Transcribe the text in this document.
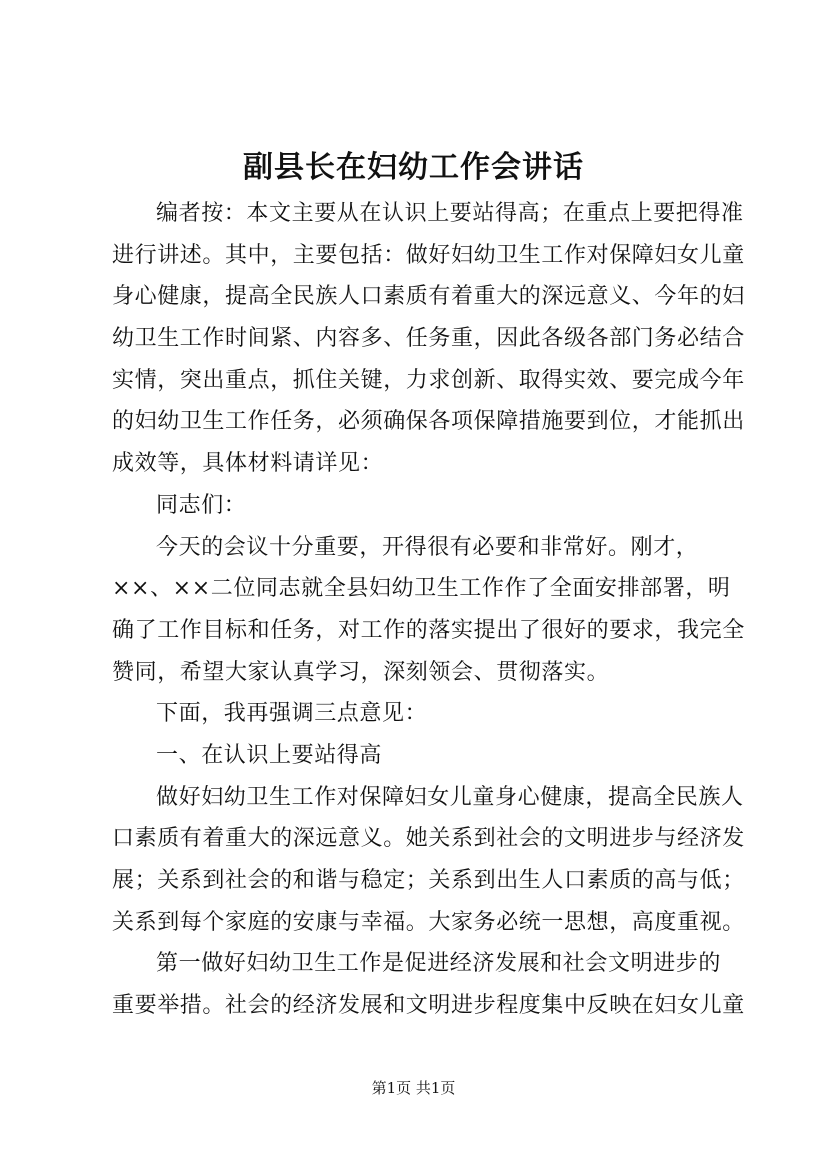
副县长在妇幼工作会讲话
编者按：本文主要从在认识上要站得高；在重点上要把得准
进行讲述。其中，主要包括：做好妇幼卫生工作对保障妇女儿童
身心健康，提高全民族人口素质有着重大的深远意义、今年的妇
幼卫生工作时间紧、内容多、任务重，因此各级各部门务必结合
实情，突出重点，抓住关键，力求创新、取得实效、要完成今年
的妇幼卫生工作任务，必须确保各项保障措施要到位，才能抓出
成效等，具体材料请详见：
同志们：
今天的会议十分重要，开得很有必要和非常好。刚才，
××、××二位同志就全县妇幼卫生工作作了全面安排部署，明
确了工作目标和任务，对工作的落实提出了很好的要求，我完全
赞同，希望大家认真学习，深刻领会、贯彻落实。
下面，我再强调三点意见：
一、在认识上要站得高
做好妇幼卫生工作对保障妇女儿童身心健康，提高全民族人
口素质有着重大的深远意义。她关系到社会的文明进步与经济发
展；关系到社会的和谐与稳定；关系到出生人口素质的高与低；
关系到每个家庭的安康与幸福。大家务必统一思想，高度重视。
第一做好妇幼卫生工作是促进经济发展和社会文明进步的
重要举措。社会的经济发展和文明进步程度集中反映在妇女儿童
第1页 共1页
